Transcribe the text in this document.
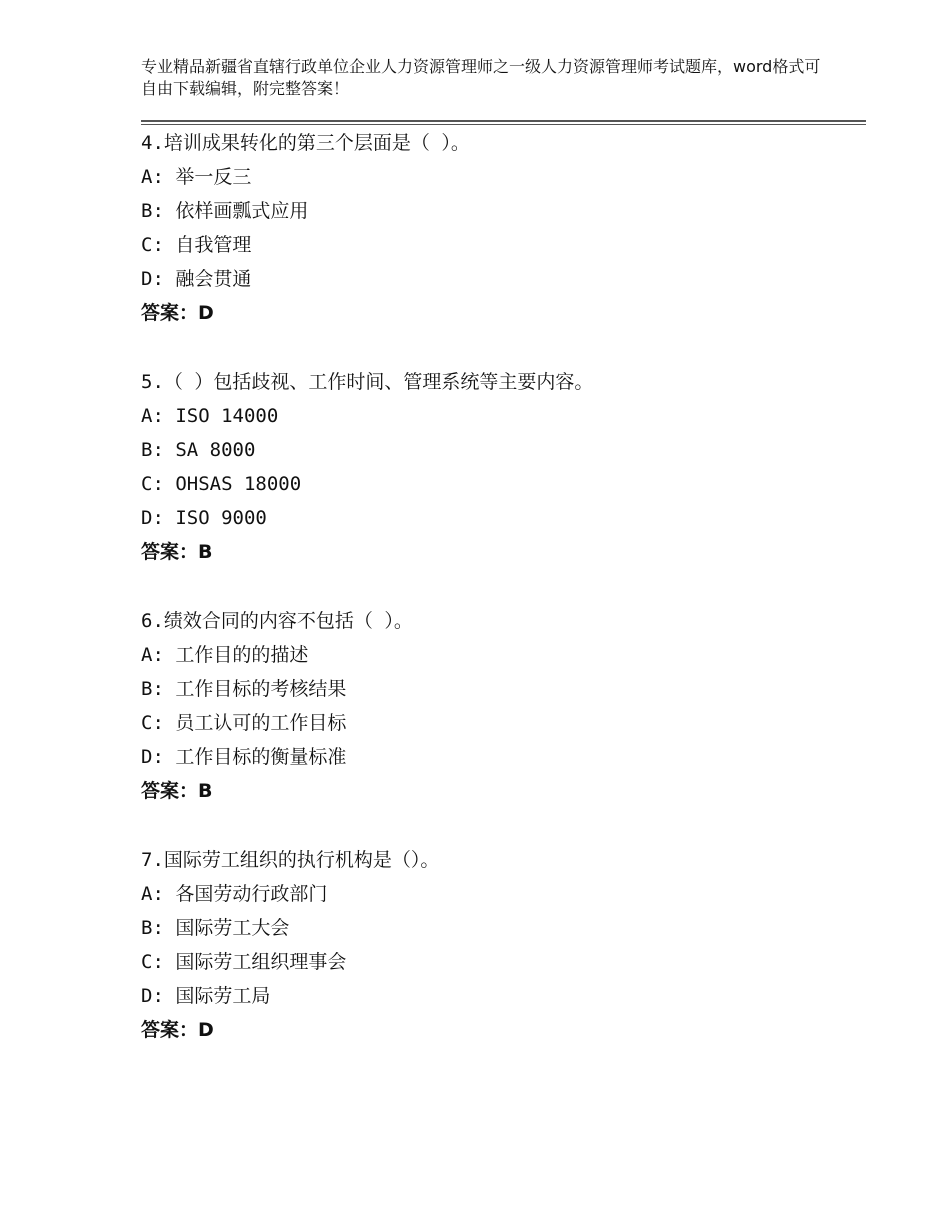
专业精品新疆省直辖行政单位企业人力资源管理师之一级人力资源管理师考试题库，word格式可自由下载编辑，附完整答案！
4.培训成果转化的第三个层面是（ ）。
A: 举一反三
B: 依样画瓢式应用
C: 自我管理
D: 融会贯通
答案：D
5.（ ）包括歧视、工作时间、管理系统等主要内容。
A: ISO 14000
B: SA 8000
C: OHSAS 18000
D: ISO 9000
答案：B
6.绩效合同的内容不包括（ ）。
A: 工作目的的描述
B: 工作目标的考核结果
C: 员工认可的工作目标
D: 工作目标的衡量标准
答案：B
7.国际劳工组织的执行机构是（）。
A: 各国劳动行政部门
B: 国际劳工大会
C: 国际劳工组织理事会
D: 国际劳工局
答案：D
